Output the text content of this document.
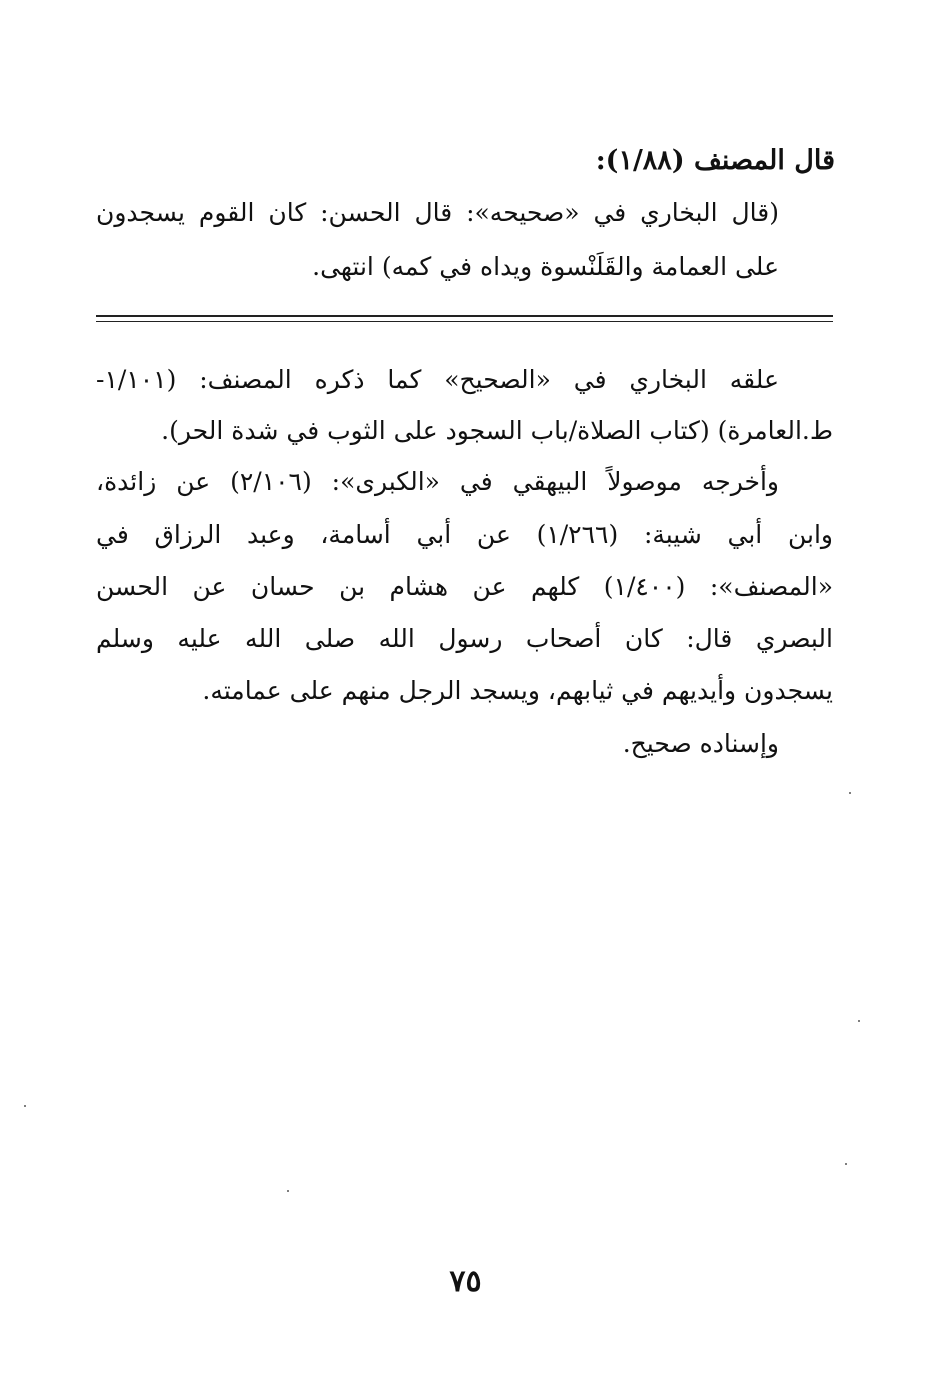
قال المصنف (١/٨٨):
(قال البخاري في «صحيحه»: قال الحسن: كان القوم يسجدون
على العمامة والقَلَنْسوة ويداه في كمه) انتهى.
علقه البخاري في «الصحيح» كما ذكره المصنف: (١/١٠١-
ط.العامرة) (كتاب الصلاة/باب السجود على الثوب في شدة الحر).
وأخرجه موصولاً البيهقي في «الكبرى»: (٢/١٠٦) عن زائدة،
وابن أبي شيبة: (١/٢٦٦) عن أبي أسامة، وعبد الرزاق في
«المصنف»: (١/٤٠٠) كلهم عن هشام بن حسان عن الحسن
البصري قال: كان أصحاب رسول الله صلى الله عليه وسلم
يسجدون وأيديهم في ثيابهم، ويسجد الرجل منهم على عمامته.
وإسناده صحيح.
٧٥
